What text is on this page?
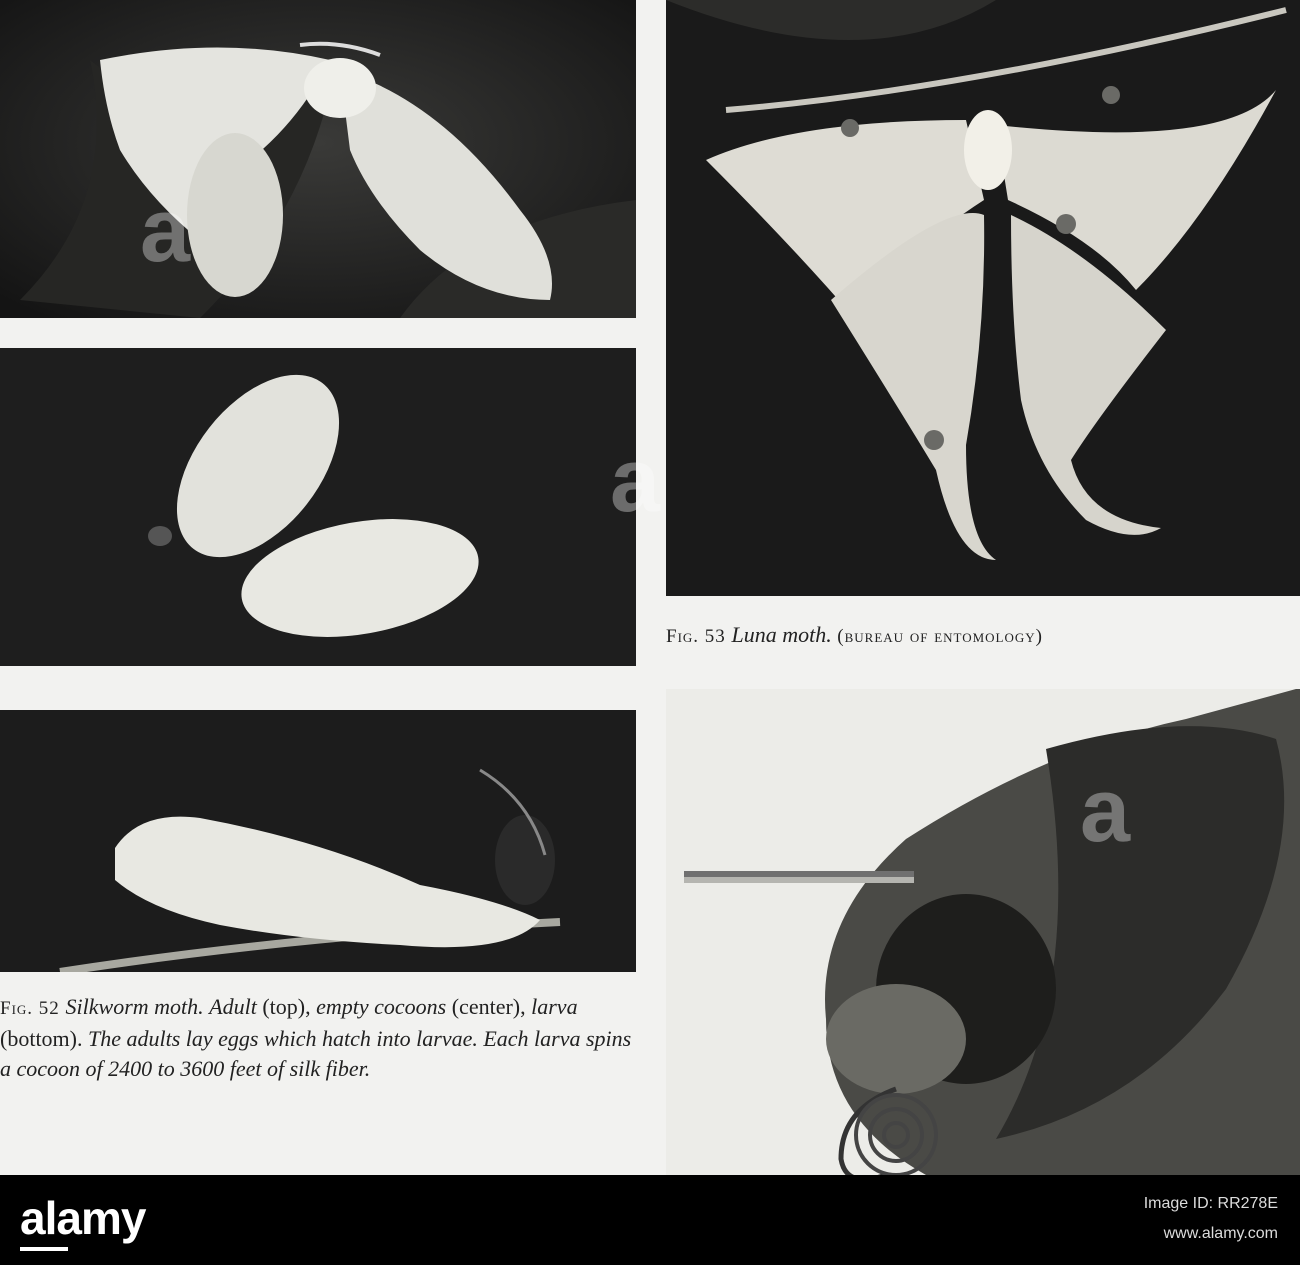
Fig. 52 Silkworm moth. Adult (top), empty cocoons (center), larva (bottom). The adults lay eggs which hatch into larvae. Each larva spins a cocoon of 2400 to 3600 feet of silk fiber.

Fig. 53 Luna moth. (bureau of entomology)

a
a
a
alamy	Image ID: RR278E
www.alamy.com
